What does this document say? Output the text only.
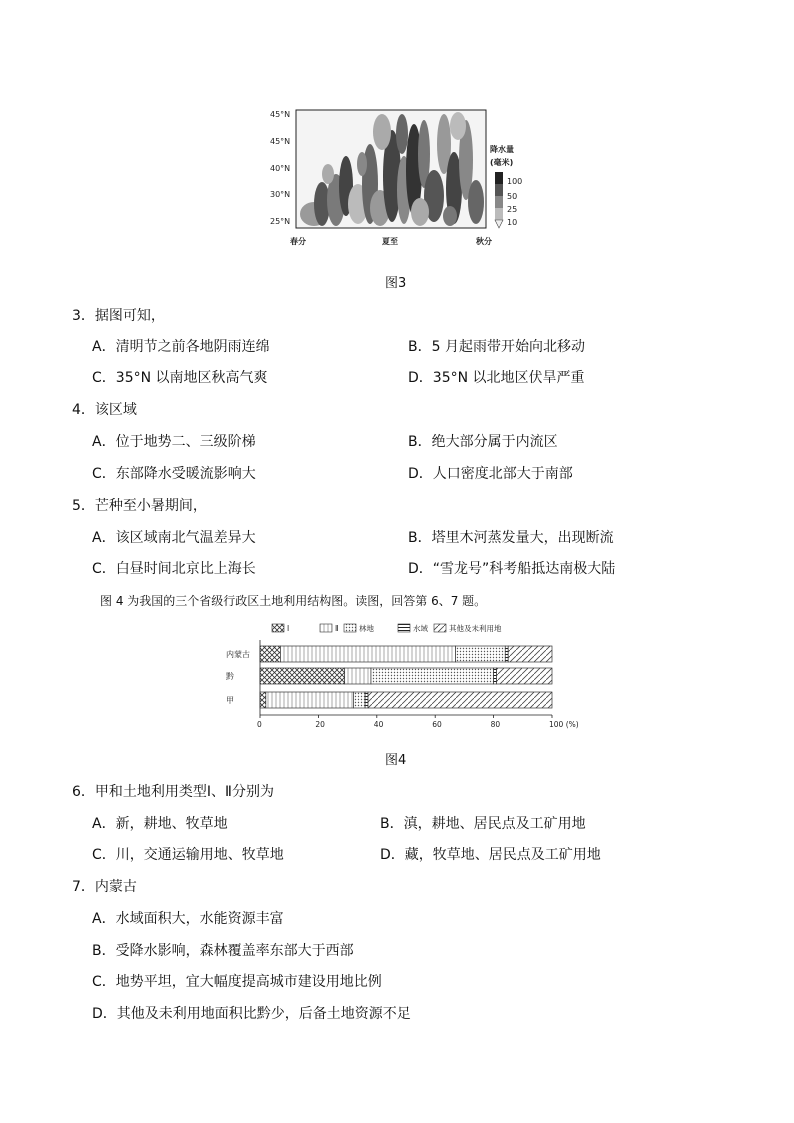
45°N
45°N
40°N
30°N
25°N
春分	夏至	秋分
降水量
(毫米)
100
50
25
10
图3
3．据图可知，
A．清明节之前各地阴雨连绵	B．5 月起雨带开始向北移动
C．35°N 以南地区秋高气爽	D．35°N 以北地区伏旱严重
4．该区域
A．位于地势二、三级阶梯	B．绝大部分属于内流区
C．东部降水受暖流影响大	D．人口密度北部大于南部
5．芒种至小暑期间，
A．该区域南北气温差异大	B．塔里木河蒸发量大，出现断流
C．白昼时间北京比上海长	D．“雪龙号”科考船抵达南极大陆
图 4 为我国的三个省级行政区土地利用结构图。读图，回答第 6、7 题。
Ⅰ	Ⅱ	林地	水域	其他及未利用地
内蒙古
黔
甲
0	20	40	60	80	100 (%)
图4
6．甲和土地利用类型Ⅰ、Ⅱ分别为
A．新，耕地、牧草地	B．滇，耕地、居民点及工矿用地
C．川，交通运输用地、牧草地	D．藏，牧草地、居民点及工矿用地
7．内蒙古
A．水域面积大，水能资源丰富
B．受降水影响，森林覆盖率东部大于西部
C．地势平坦，宜大幅度提高城市建设用地比例
D．其他及未利用地面积比黔少，后备土地资源不足
